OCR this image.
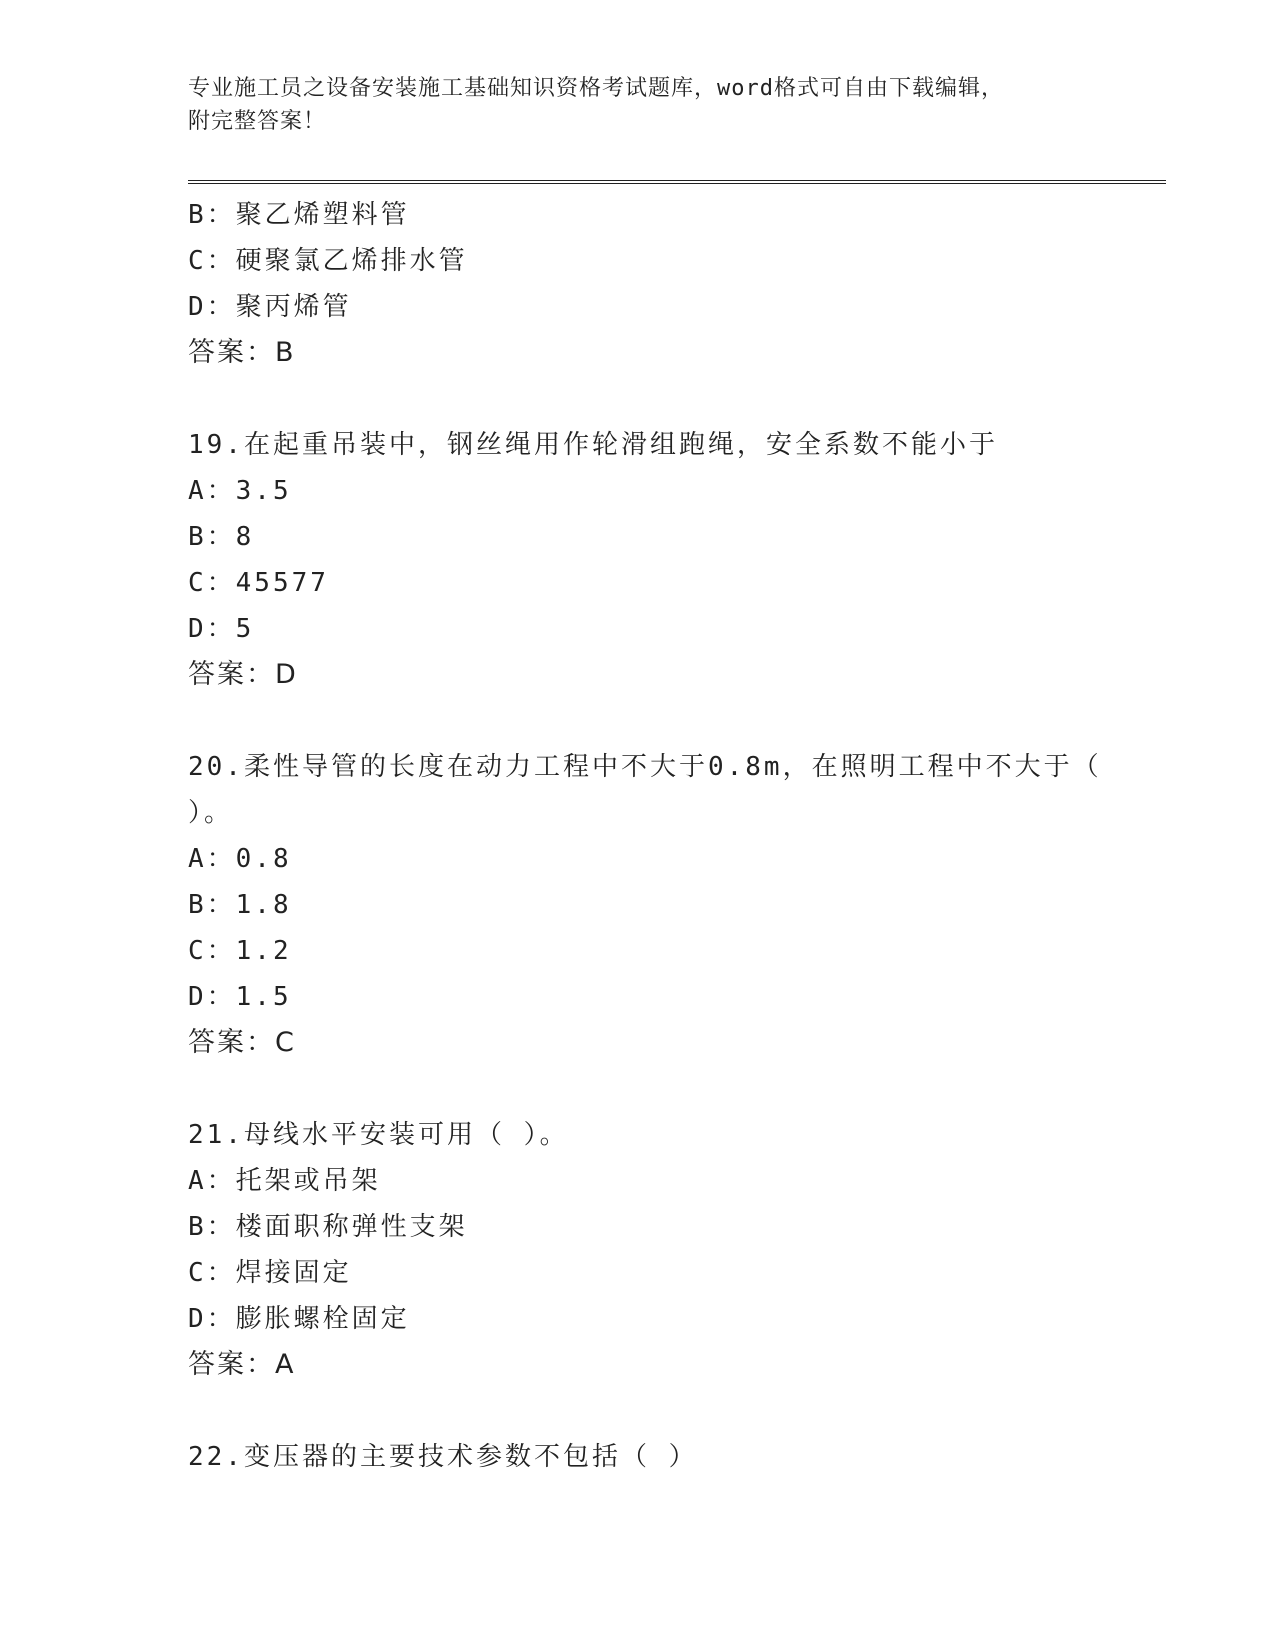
专业施工员之设备安装施工基础知识资格考试题库，word格式可自由下载编辑，
附完整答案！
B：聚乙烯塑料管
C：硬聚氯乙烯排水管
D：聚丙烯管
答案：B
19.在起重吊装中，钢丝绳用作轮滑组跑绳，安全系数不能小于
A：3.5
B：8
C：45577
D：5
答案：D
20.柔性导管的长度在动力工程中不大于0.8m，在照明工程中不大于（
）。
A：0.8
B：1.8
C：1.2
D：1.5
答案：C
21.母线水平安装可用（ ）。
A：托架或吊架
B：楼面职称弹性支架
C：焊接固定
D：膨胀螺栓固定
答案：A
22.变压器的主要技术参数不包括（ ）
